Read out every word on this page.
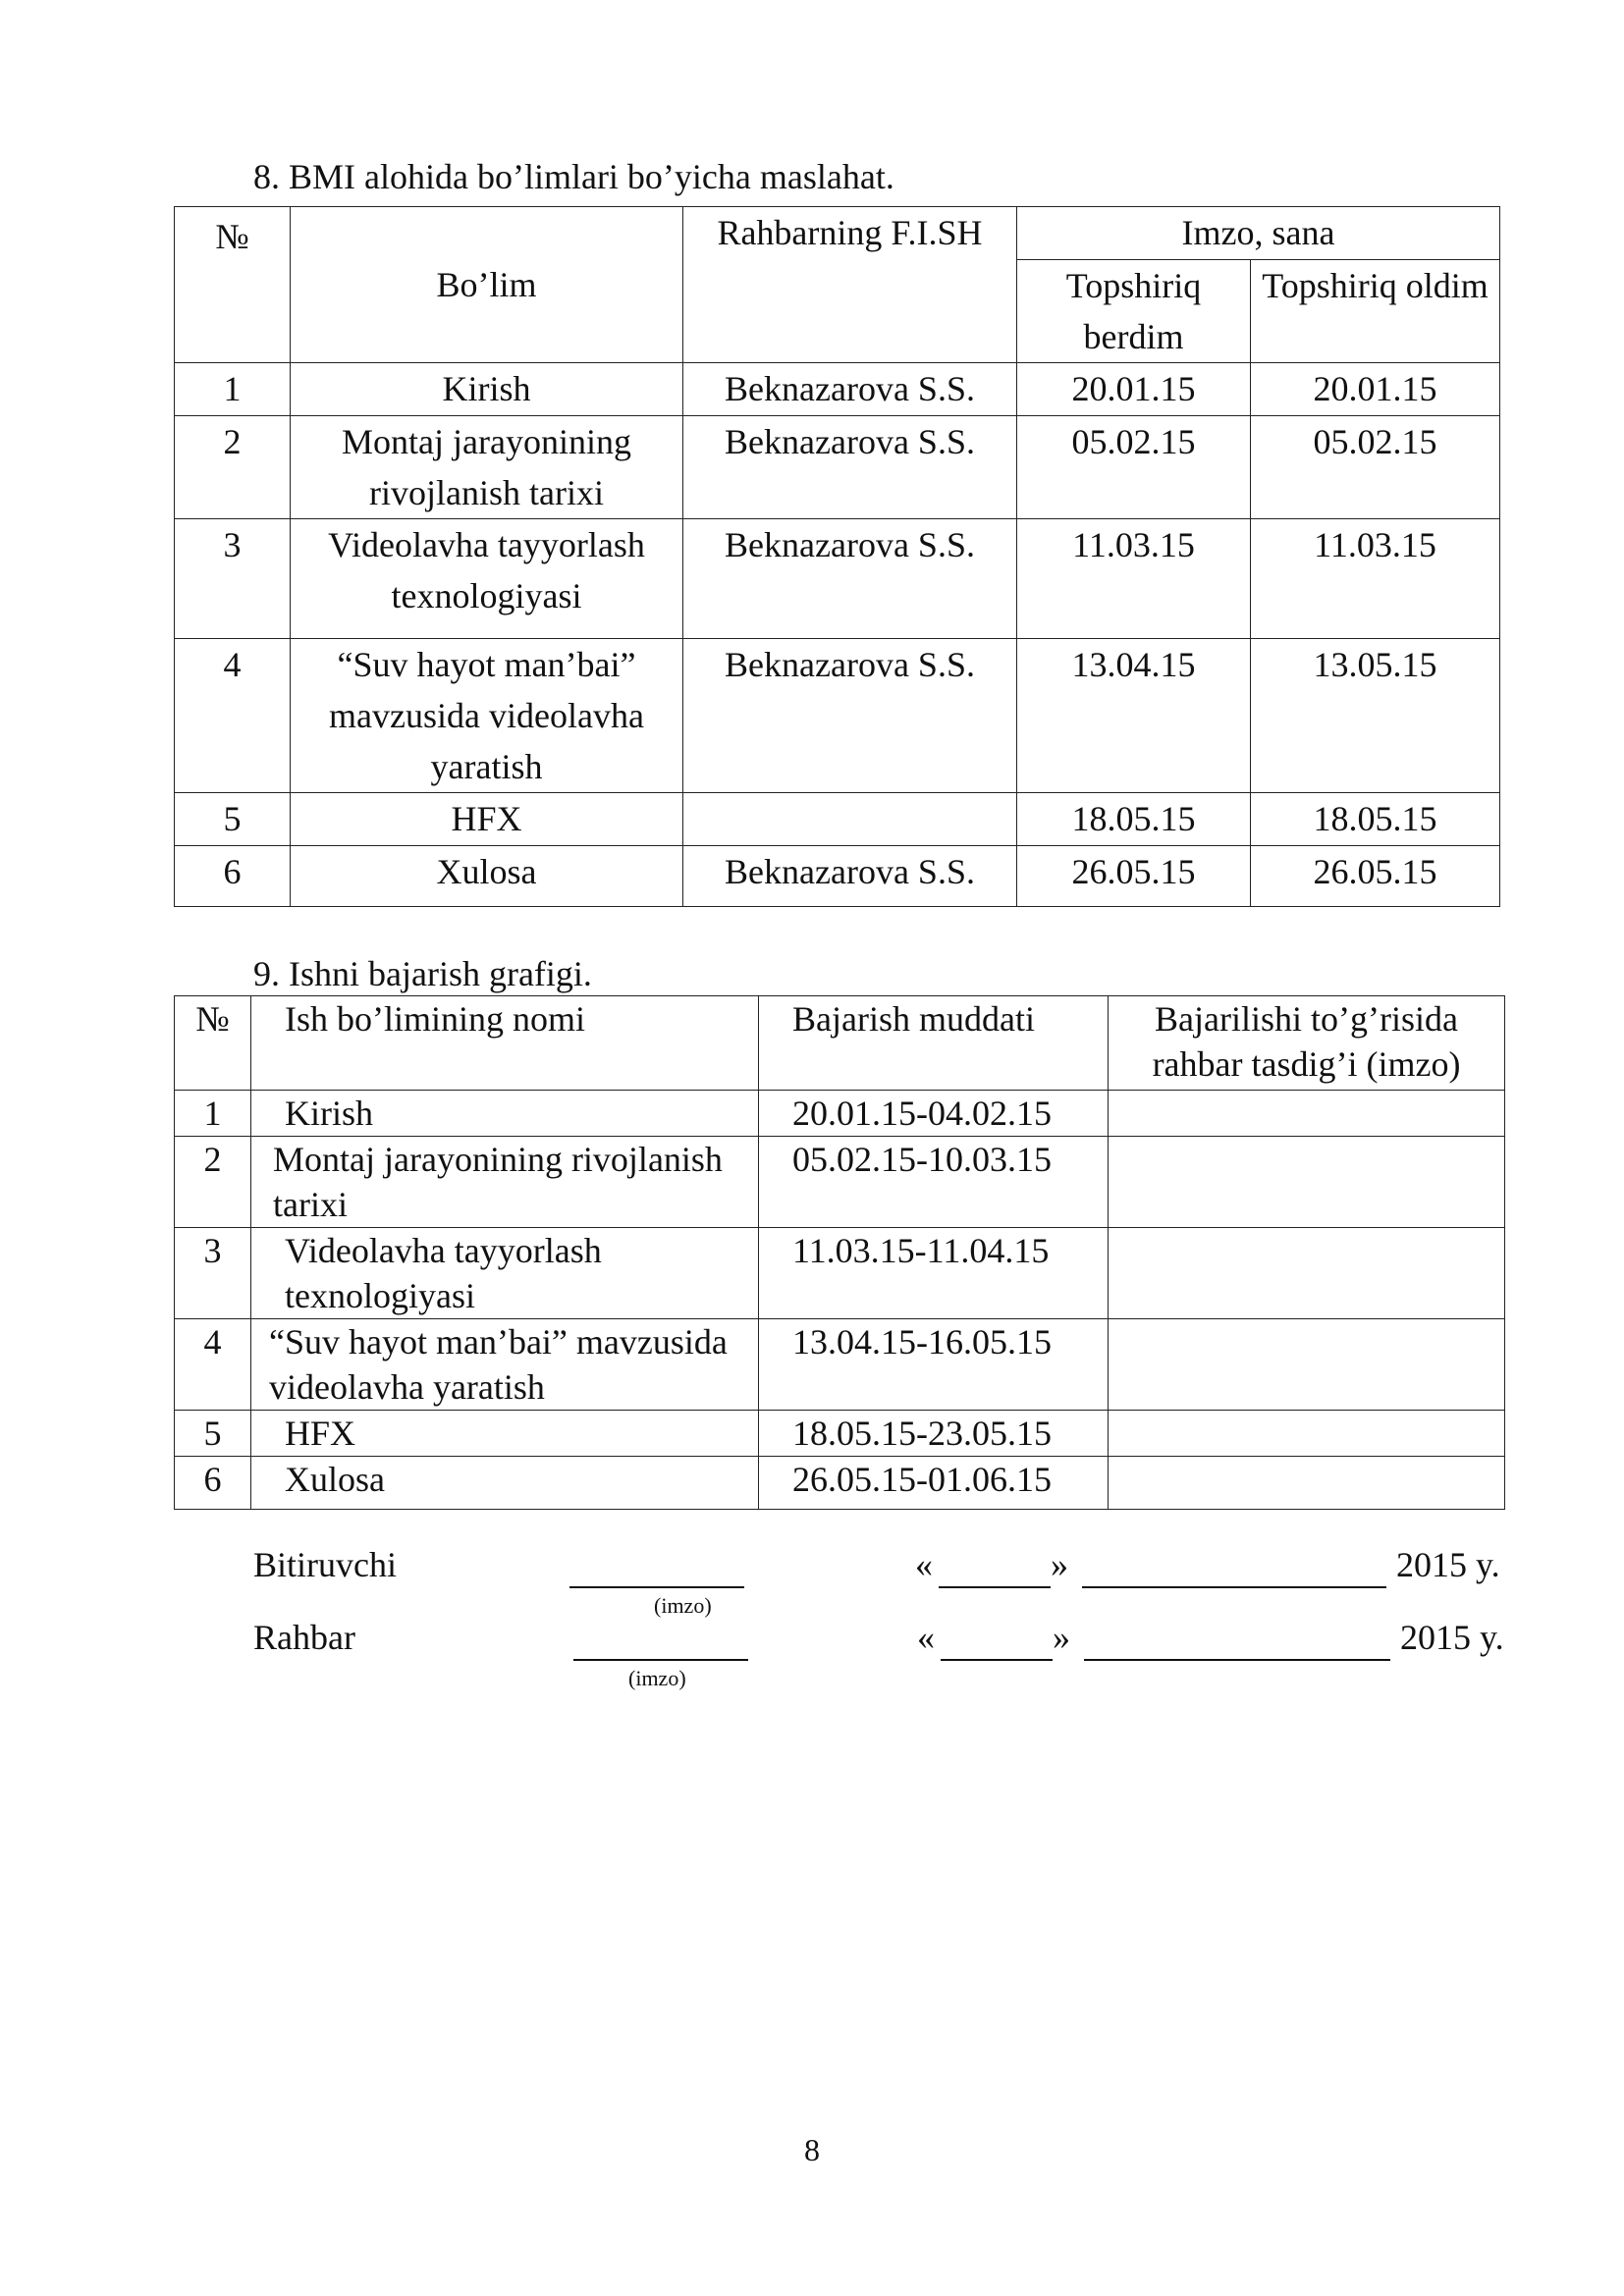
8. BMI alohida bo’limlari bo’yicha maslahat.
№	Bo’lim	Rahbarning F.I.SH	Imzo, sana	
			Topshiriq berdim	Topshiriq oldim
1	Kirish	Beknazarova S.S.	20.01.15	20.01.15
2	Montaj jarayonining rivojlanish tarixi	Beknazarova S.S.	05.02.15	05.02.15
3	Videolavha tayyorlash texnologiyasi	Beknazarova S.S.	11.03.15	11.03.15
4	“Suv hayot man’bai” mavzusida videolavha yaratish	Beknazarova S.S.	13.04.15	13.05.15
5	HFX		18.05.15	18.05.15
6	Xulosa	Beknazarova S.S.	26.05.15	26.05.15
9. Ishni bajarish grafigi.
№	Ish bo’limining nomi	Bajarish muddati	Bajarilishi to’g’risida rahbar tasdig’i (imzo)
1	Kirish	20.01.15-04.02.15	
2	Montaj jarayonining rivojlanish tarixi	05.02.15-10.03.15	
3	Videolavha tayyorlash texnologiyasi	11.03.15-11.04.15	
4	“Suv hayot man’bai” mavzusida videolavha yaratish	13.04.15-16.05.15	
5	HFX	18.05.15-23.05.15	
6	Xulosa	26.05.15-01.06.15	
Bitiruvchi
(imzo)
«	»	2015 y.
Rahbar
(imzo)
«	»	2015 y.
8
